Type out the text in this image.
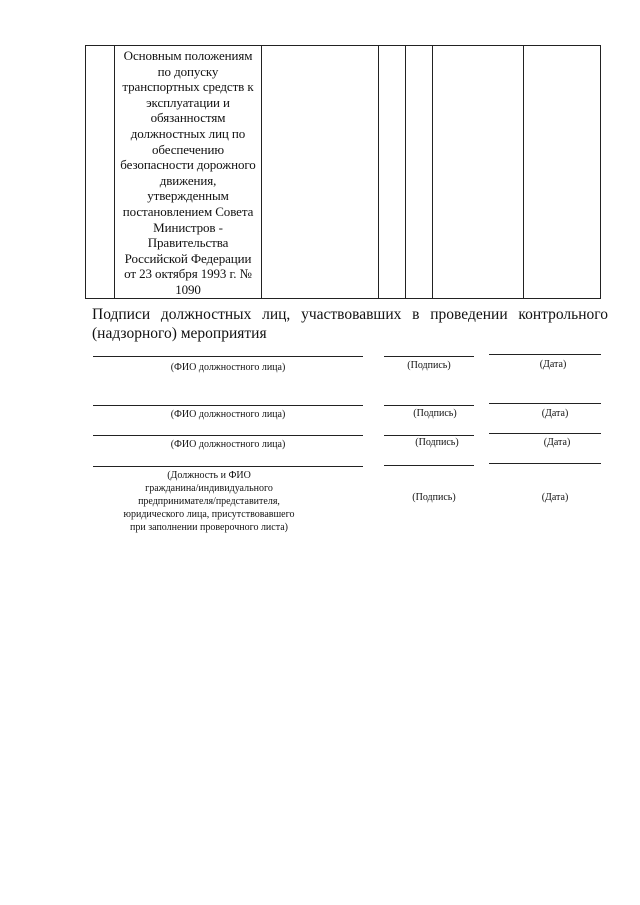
Основным положениям по допуску транспортных средств к эксплуатации и обязанностям должностных лиц по обеспечению безопасности дорожного движения, утвержденным постановлением Совета Министров - Правительства Российской Федерации от 23 октября 1993 г. № 1090

Подписи должностных лиц, участвовавших в проведении контрольного (надзорного) мероприятия
(ФИО должностного лица)	(Подпись)	(Дата)
(ФИО должностного лица)	(Подпись)	(Дата)
(ФИО должностного лица)	(Подпись)	(Дата)
(Должность и ФИО
гражданина/индивидуального
предпринимателя/представителя,
юридического лица, присутствовавшего
при заполнении проверочного листа)
(Подпись)	(Дата)
